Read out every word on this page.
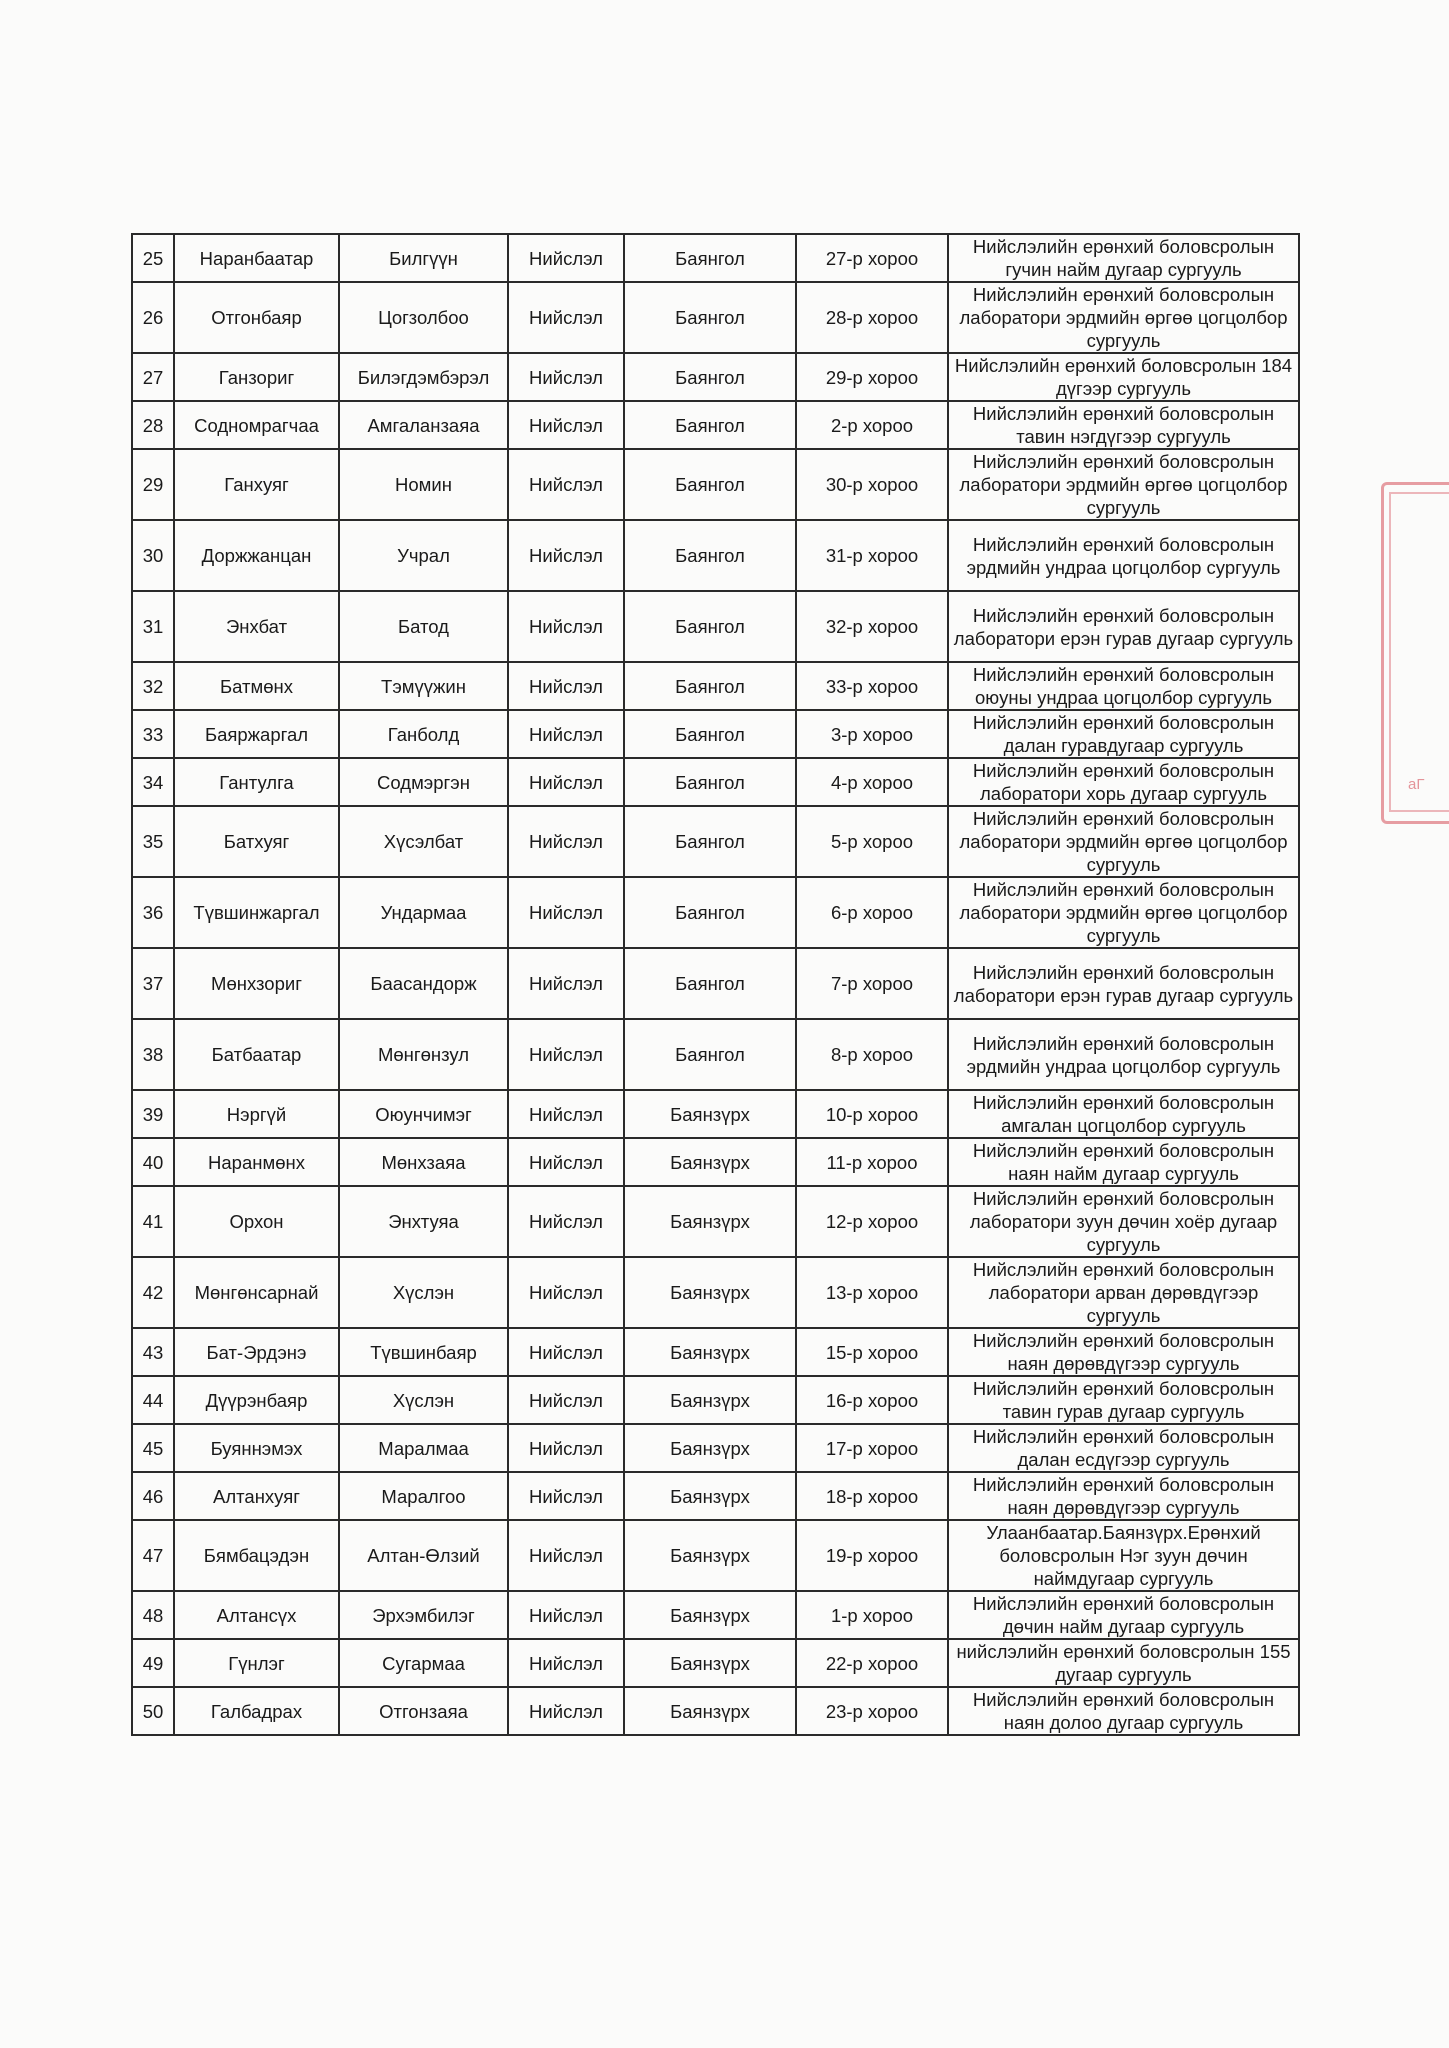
25	Наранбаатар	Билгүүн	Нийслэл	Баянгол	27-р хороо	Нийслэлийн ерөнхий боловсролын гучин найм дугаар сургууль
26	Отгонбаяр	Цогзолбоо	Нийслэл	Баянгол	28-р хороо	Нийслэлийн ерөнхий боловсролын лаборатори эрдмийн өргөө цогцолбор сургууль
27	Ганзориг	Билэгдэмбэрэл	Нийслэл	Баянгол	29-р хороо	Нийслэлийн ерөнхий боловсролын 184 дүгээр сургууль
28	Содномрагчаа	Амгаланзаяа	Нийслэл	Баянгол	2-р хороо	Нийслэлийн ерөнхий боловсролын тавин нэгдүгээр сургууль
29	Ганхуяг	Номин	Нийслэл	Баянгол	30-р хороо	Нийслэлийн ерөнхий боловсролын лаборатори эрдмийн өргөө цогцолбор сургууль
30	Доржжанцан	Учрал	Нийслэл	Баянгол	31-р хороо	Нийслэлийн ерөнхий боловсролын эрдмийн ундраа цогцолбор сургууль
31	Энхбат	Батод	Нийслэл	Баянгол	32-р хороо	Нийслэлийн ерөнхий боловсролын лаборатори ерэн гурав дугаар сургууль
32	Батмөнх	Тэмүүжин	Нийслэл	Баянгол	33-р хороо	Нийслэлийн ерөнхий боловсролын оюуны ундраа цогцолбор сургууль
33	Баяржаргал	Ганболд	Нийслэл	Баянгол	3-р хороо	Нийслэлийн ерөнхий боловсролын далан гуравдугаар сургууль
34	Гантулга	Содмэргэн	Нийслэл	Баянгол	4-р хороо	Нийслэлийн ерөнхий боловсролын лаборатори хорь дугаар сургууль
35	Батхуяг	Хүсэлбат	Нийслэл	Баянгол	5-р хороо	Нийслэлийн ерөнхий боловсролын лаборатори эрдмийн өргөө цогцолбор сургууль
36	Түвшинжаргал	Ундармаа	Нийслэл	Баянгол	6-р хороо	Нийслэлийн ерөнхий боловсролын лаборатори эрдмийн өргөө цогцолбор сургууль
37	Мөнхзориг	Баасандорж	Нийслэл	Баянгол	7-р хороо	Нийслэлийн ерөнхий боловсролын лаборатори ерэн гурав дугаар сургууль
38	Батбаатар	Мөнгөнзул	Нийслэл	Баянгол	8-р хороо	Нийслэлийн ерөнхий боловсролын эрдмийн ундраа цогцолбор сургууль
39	Нэргүй	Оюунчимэг	Нийслэл	Баянзүрх	10-р хороо	Нийслэлийн ерөнхий боловсролын амгалан цогцолбор сургууль
40	Наранмөнх	Мөнхзаяа	Нийслэл	Баянзүрх	11-р хороо	Нийслэлийн ерөнхий боловсролын наян найм дугаар сургууль
41	Орхон	Энхтуяа	Нийслэл	Баянзүрх	12-р хороо	Нийслэлийн ерөнхий боловсролын лаборатори зуун дөчин хоёр дугаар сургууль
42	Мөнгөнсарнай	Хүслэн	Нийслэл	Баянзүрх	13-р хороо	Нийслэлийн ерөнхий боловсролын лаборатори арван дөрөвдүгээр сургууль
43	Бат-Эрдэнэ	Түвшинбаяр	Нийслэл	Баянзүрх	15-р хороо	Нийслэлийн ерөнхий боловсролын наян дөрөвдүгээр сургууль
44	Дүүрэнбаяр	Хүслэн	Нийслэл	Баянзүрх	16-р хороо	Нийслэлийн ерөнхий боловсролын тавин гурав дугаар сургууль
45	Буяннэмэх	Маралмаа	Нийслэл	Баянзүрх	17-р хороо	Нийслэлийн ерөнхий боловсролын далан есдүгээр сургууль
46	Алтанхуяг	Маралгоо	Нийслэл	Баянзүрх	18-р хороо	Нийслэлийн ерөнхий боловсролын наян дөрөвдүгээр сургууль
47	Бямбацэдэн	Алтан-Өлзий	Нийслэл	Баянзүрх	19-р хороо	Улаанбаатар.Баянзүрх.Ерөнхий боловсролын Нэг зуун дөчин наймдугаар сургууль
48	Алтансүх	Эрхэмбилэг	Нийслэл	Баянзүрх	1-р хороо	Нийслэлийн ерөнхий боловсролын дөчин найм дугаар сургууль
49	Гүнлэг	Сугармаа	Нийслэл	Баянзүрх	22-р хороо	нийслэлийн ерөнхий боловсролын 155 дугаар сургууль
50	Галбадрах	Отгонзаяа	Нийслэл	Баянзүрх	23-р хороо	Нийслэлийн ерөнхий боловсролын наян долоо дугаар сургууль
аГ
